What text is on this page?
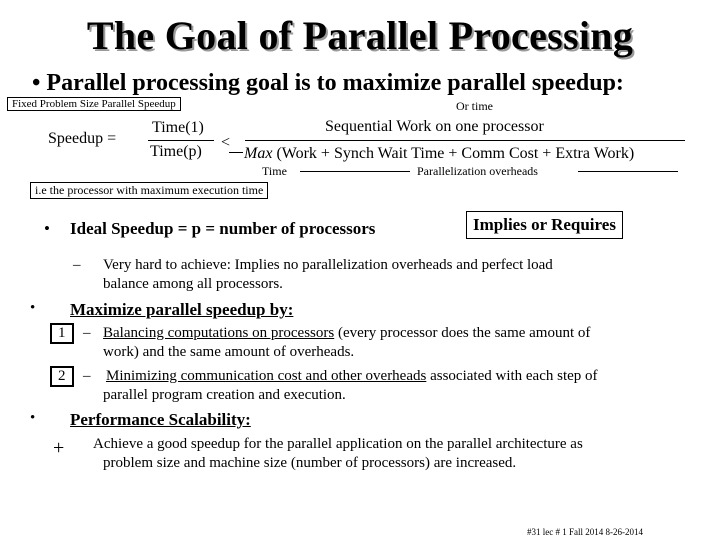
The Goal of Parallel Processing
• Parallel processing goal is to maximize parallel speedup:
Fixed Problem Size Parallel Speedup	Or time
Speedup =
Time(1)
Time(p)
<
Sequential Work on one processor
Max (Work + Synch Wait Time + Comm Cost + Extra Work)
Time	Parallelization overheads
i.e the processor with maximum execution time
• Ideal Speedup = p = number of processors	Implies or Requires
– Very hard to achieve: Implies no parallelization overheads and perfect load
balance among all processors.
• Maximize parallel speedup by:
1	– Balancing computations on processors (every processor does the same amount of
work) and the same amount of overheads.
2	– Minimizing communication cost and other overheads associated with each step of
parallel program creation and execution.
• Performance Scalability:
+ Achieve a good speedup for the parallel application on the parallel architecture as
problem size and machine size (number of processors) are increased.
#31 lec # 1 Fall 2014 8-26-2014
